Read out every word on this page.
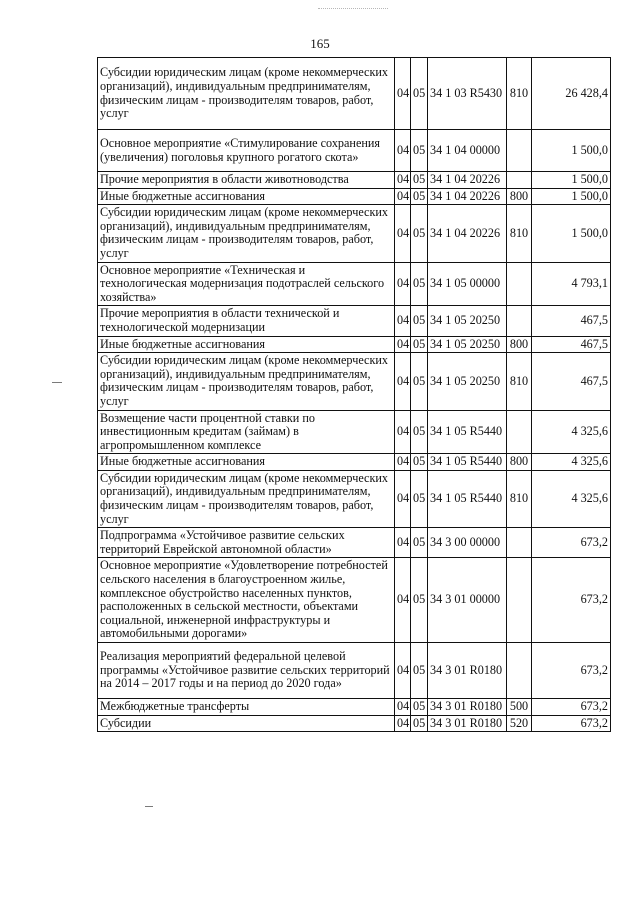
165
Субсидии юридическим лицам (кроме некоммерческих организаций), индивидуальным предпринимателям, физическим лицам - производителям товаров, работ, услуг	04	05	34 1 03 R5430	810	26 428,4
Основное мероприятие «Стимулирование сохранения (увеличения) поголовья крупного рогатого скота»	04	05	34 1 04 00000		1 500,0
Прочие мероприятия в области животноводства	04	05	34 1 04 20226		1 500,0
Иные бюджетные ассигнования	04	05	34 1 04 20226	800	1 500,0
Субсидии юридическим лицам (кроме некоммерческих организаций), индивидуальным предпринимателям, физическим лицам - производителям товаров, работ, услуг	04	05	34 1 04 20226	810	1 500,0
Основное мероприятие «Техническая и технологическая модернизация подотраслей сельского хозяйства»	04	05	34 1 05 00000		4 793,1
Прочие мероприятия в области технической и технологической модернизации	04	05	34 1 05 20250		467,5
Иные бюджетные ассигнования	04	05	34 1 05 20250	800	467,5
Субсидии юридическим лицам (кроме некоммерческих организаций), индивидуальным предпринимателям, физическим лицам - производителям товаров, работ, услуг	04	05	34 1 05 20250	810	467,5
Возмещение части процентной ставки по инвестиционным кредитам (займам) в агропромышленном комплексе	04	05	34 1 05 R5440		4 325,6
Иные бюджетные ассигнования	04	05	34 1 05 R5440	800	4 325,6
Субсидии юридическим лицам (кроме некоммерческих организаций), индивидуальным предпринимателям, физическим лицам - производителям товаров, работ, услуг	04	05	34 1 05 R5440	810	4 325,6
Подпрограмма «Устойчивое развитие сельских территорий Еврейской автономной области»	04	05	34 3 00 00000		673,2
Основное мероприятие «Удовлетворение потребностей сельского населения в благоустроенном жилье, комплексное обустройство населенных пунктов, расположенных в сельской местности, объектами социальной, инженерной инфраструктуры и автомобильными дорогами»	04	05	34 3 01 00000		673,2
Реализация мероприятий федеральной целевой программы «Устойчивое развитие сельских территорий на 2014 – 2017 годы и на период до 2020 года»	04	05	34 3 01 R0180		673,2
Межбюджетные трансферты	04	05	34 3 01 R0180	500	673,2
Субсидии	04	05	34 3 01 R0180	520	673,2
